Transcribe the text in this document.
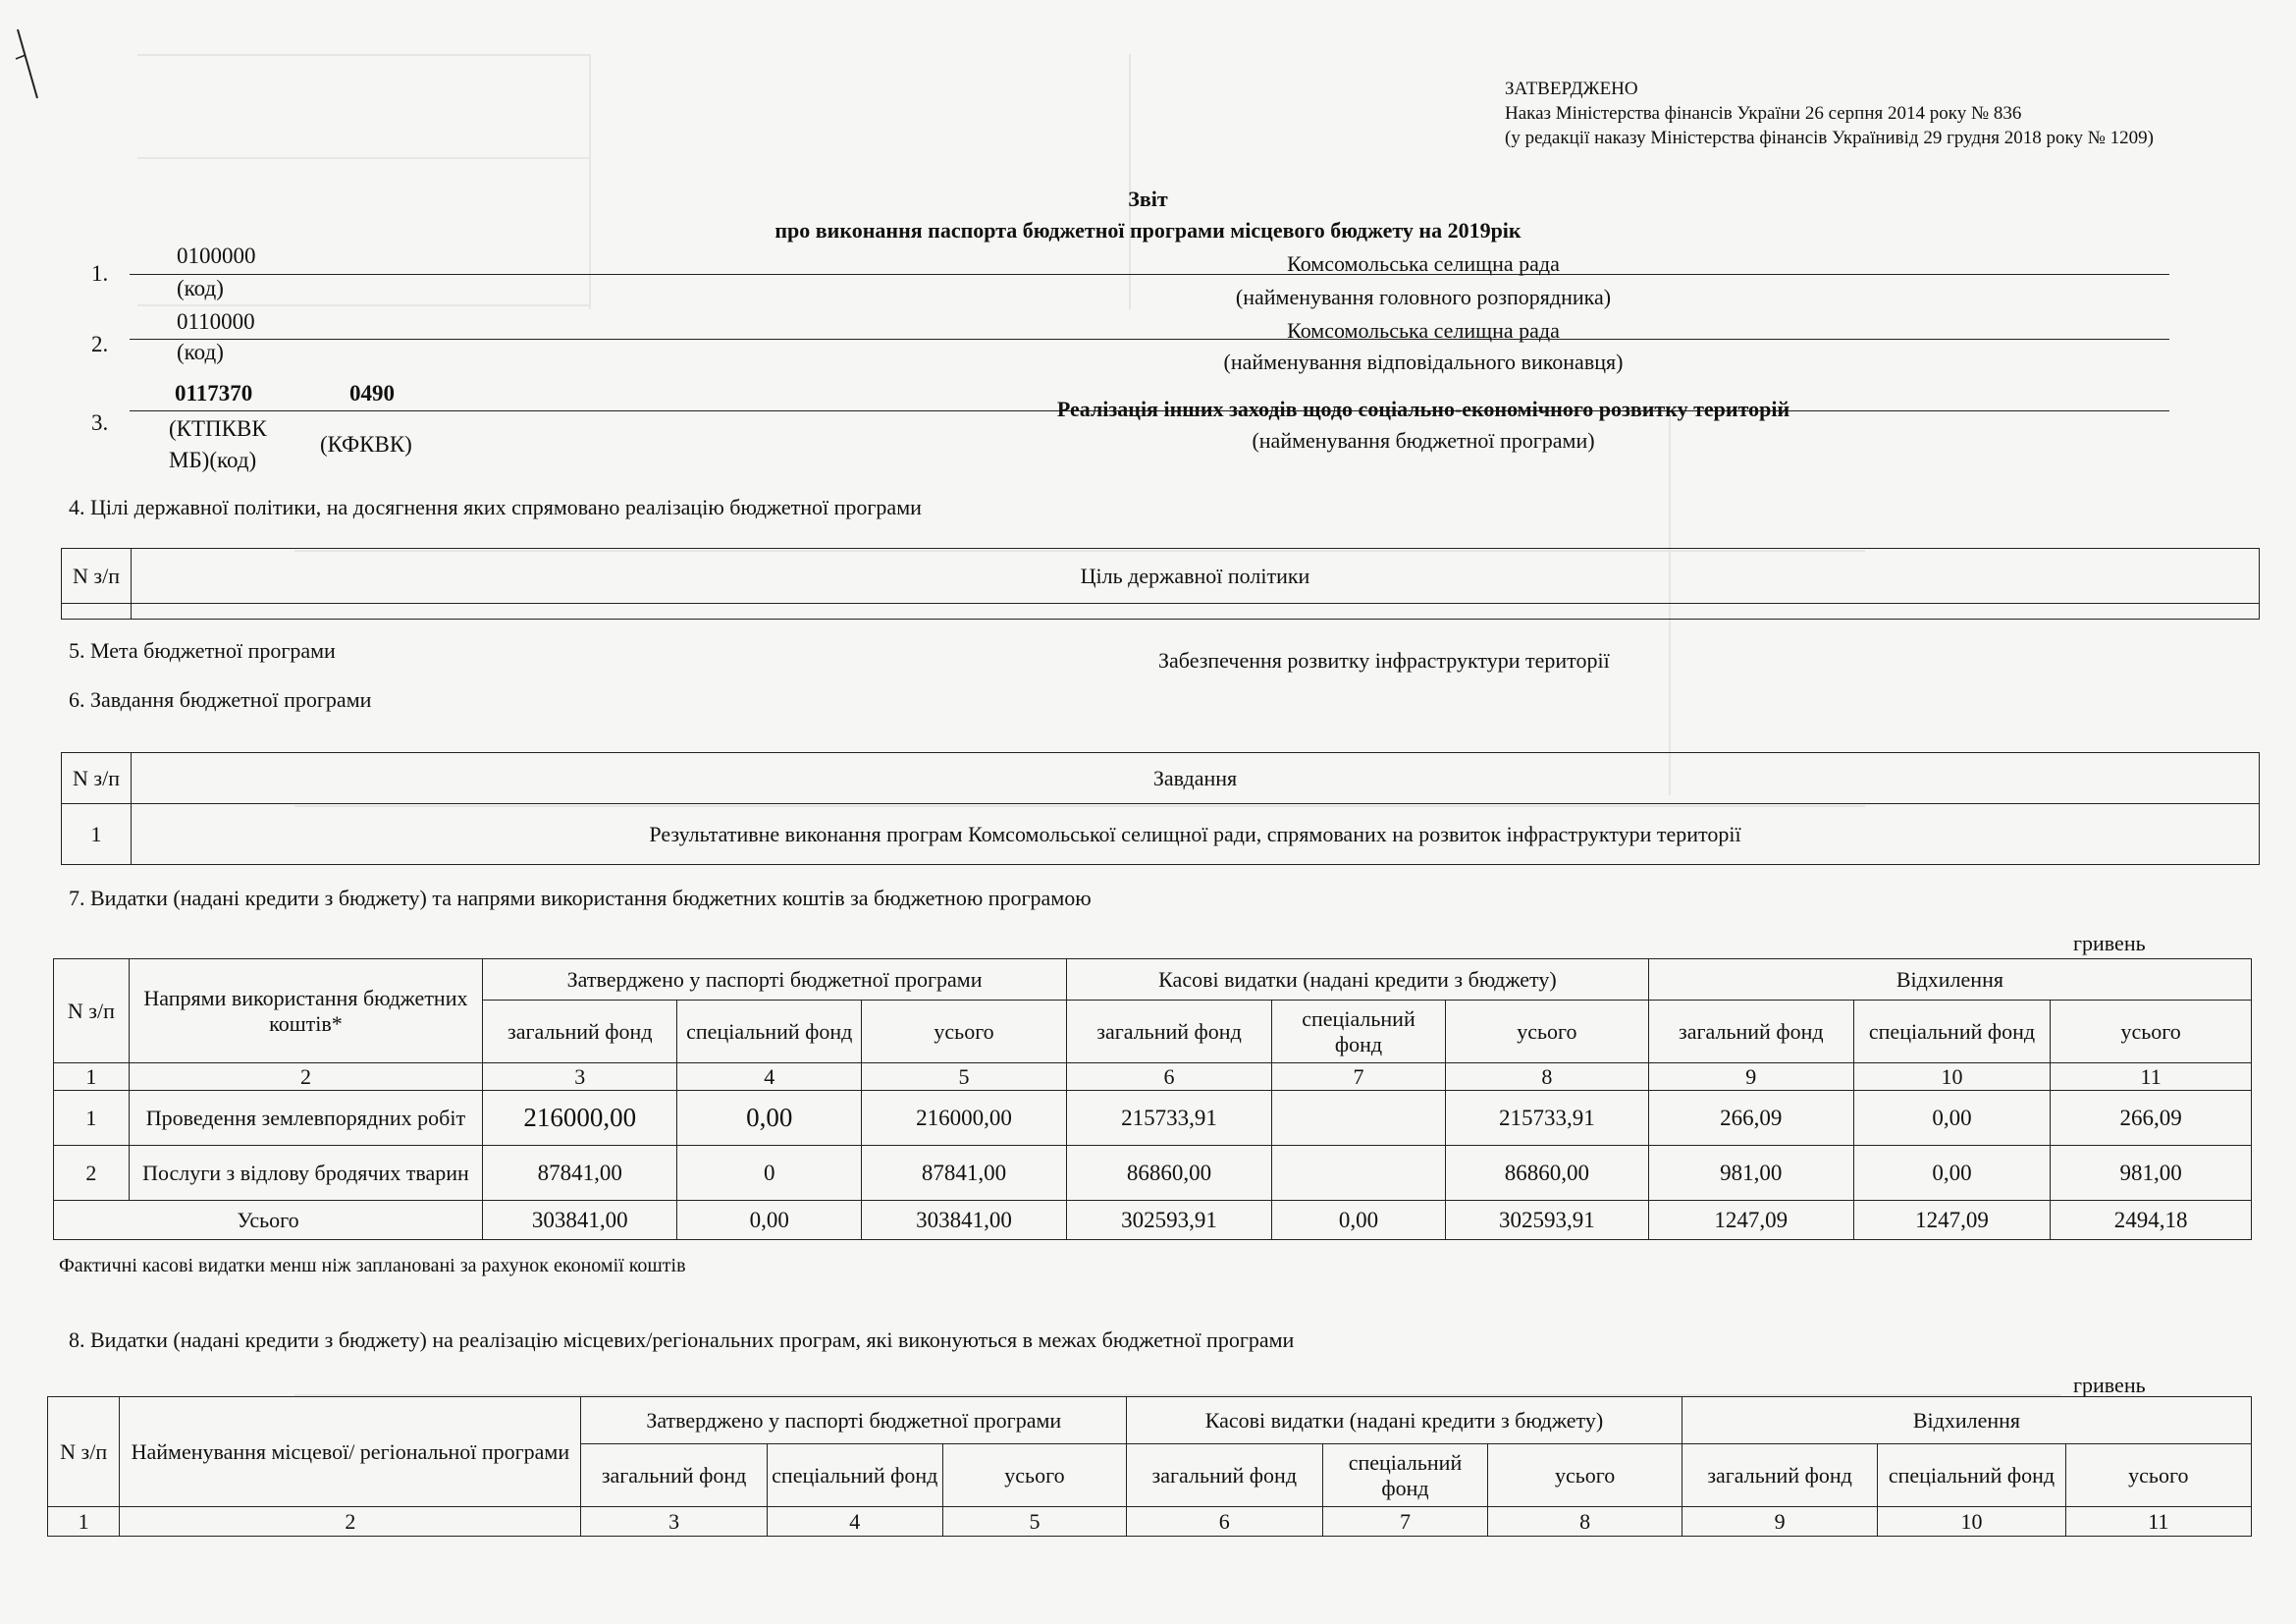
ЗАТВЕРДЖЕНО
Наказ Міністерства фінансів України 26 серпня 2014 року № 836
(у редакції наказу Міністерства фінансів Українивід 29 грудня 2018 року № 1209)
Звіт
про виконання паспорта бюджетної програми місцевого бюджету на 2019рік
1.
0100000
(код)
Комсомольська селищна рада
(найменування головного розпорядника)
2.
0110000
(код)
Комсомольська селищна рада
(найменування відповідального виконавця)
3.
0117370	0490
(КТПКВК
МБ)(код)
(КФКВК)
Реалізація інших заходів щодо соціально-економічного розвитку територій
(найменування бюджетної програми)
4. Цілі державної політики, на досягнення яких спрямовано реалізацію бюджетної програми
N з/п	Ціль державної політики

5. Мета бюджетної програми	Забезпечення розвитку інфраструктури території
6. Завдання бюджетної програми
N з/п	Завдання
1	Результативне виконання програм Комсомольської селищної ради, спрямованих на розвиток інфраструктури території
7. Видатки (надані кредити з бюджету) та напрями використання бюджетних коштів за бюджетною програмою
гривень
N з/п	Напрями використання бюджетних коштів*	Затверджено у паспорті бюджетної програми			Касові видатки (надані кредити з бюджету)			Відхилення		
		загальний фонд	спеціальний фонд	усього	загальний фонд	спеціальний фонд	усього	загальний фонд	спеціальний фонд	усього
1	2	3	4	5	6	7	8	9	10	11
1	Проведення землевпорядних робіт	216000,00	0,00	216000,00	215733,91		215733,91	266,09	0,00	266,09
2	Послуги з відлову бродячих тварин	87841,00	0	87841,00	86860,00		86860,00	981,00	0,00	981,00
Усього		303841,00	0,00	303841,00	302593,91	0,00	302593,91	1247,09	1247,09	2494,18
Фактичні касові видатки менш ніж заплановані за рахунок економії коштів
8. Видатки (надані кредити з бюджету) на реалізацію місцевих/регіональних програм, які виконуються в межах бюджетної програми
гривень
N з/п	Найменування місцевої/ регіональної програми	Затверджено у паспорті бюджетної програми			Касові видатки (надані кредити з бюджету)			Відхилення		
		загальний фонд	спеціальний фонд	усього	загальний фонд	спеціальний фонд	усього	загальний фонд	спеціальний фонд	усього
1	2	3	4	5	6	7	8	9	10	11
